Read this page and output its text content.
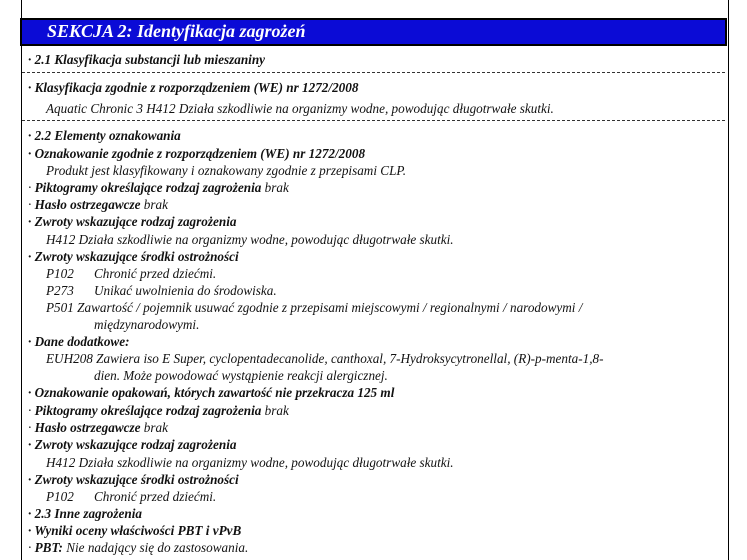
SEKCJA 2: Identyfikacja zagrożeń
· 2.1 Klasyfikacja substancji lub mieszaniny
· Klasyfikacja zgodnie z rozporządzeniem (WE) nr 1272/2008
Aquatic Chronic 3 H412 Działa szkodliwie na organizmy wodne, powodując długotrwałe skutki.
· 2.2 Elementy oznakowania
· Oznakowanie zgodnie z rozporządzeniem (WE) nr 1272/2008
Produkt jest klasyfikowany i oznakowany zgodnie z przepisami CLP.
· Piktogramy określające rodzaj zagrożenia brak
· Hasło ostrzegawcze brak
· Zwroty wskazujące rodzaj zagrożenia
H412 Działa szkodliwie na organizmy wodne, powodując długotrwałe skutki.
· Zwroty wskazujące środki ostrożności
P102 Chronić przed dziećmi.
P273 Unikać uwolnienia do środowiska.
P501 Zawartość / pojemnik usuwać zgodnie z przepisami miejscowymi / regionalnymi / narodowymi /
międzynarodowymi.
· Dane dodatkowe:
EUH208 Zawiera iso E Super, cyclopentadecanolide, canthoxal, 7-Hydroksycytronellal, (R)-p-menta-1,8-
dien. Może powodować wystąpienie reakcji alergicznej.
· Oznakowanie opakowań, których zawartość nie przekracza 125 ml
· Piktogramy określające rodzaj zagrożenia brak
· Hasło ostrzegawcze brak
· Zwroty wskazujące rodzaj zagrożenia
H412 Działa szkodliwie na organizmy wodne, powodując długotrwałe skutki.
· Zwroty wskazujące środki ostrożności
P102 Chronić przed dziećmi.
· 2.3 Inne zagrożenia
· Wyniki oceny właściwości PBT i vPvB
· PBT: Nie nadający się do zastosowania.
